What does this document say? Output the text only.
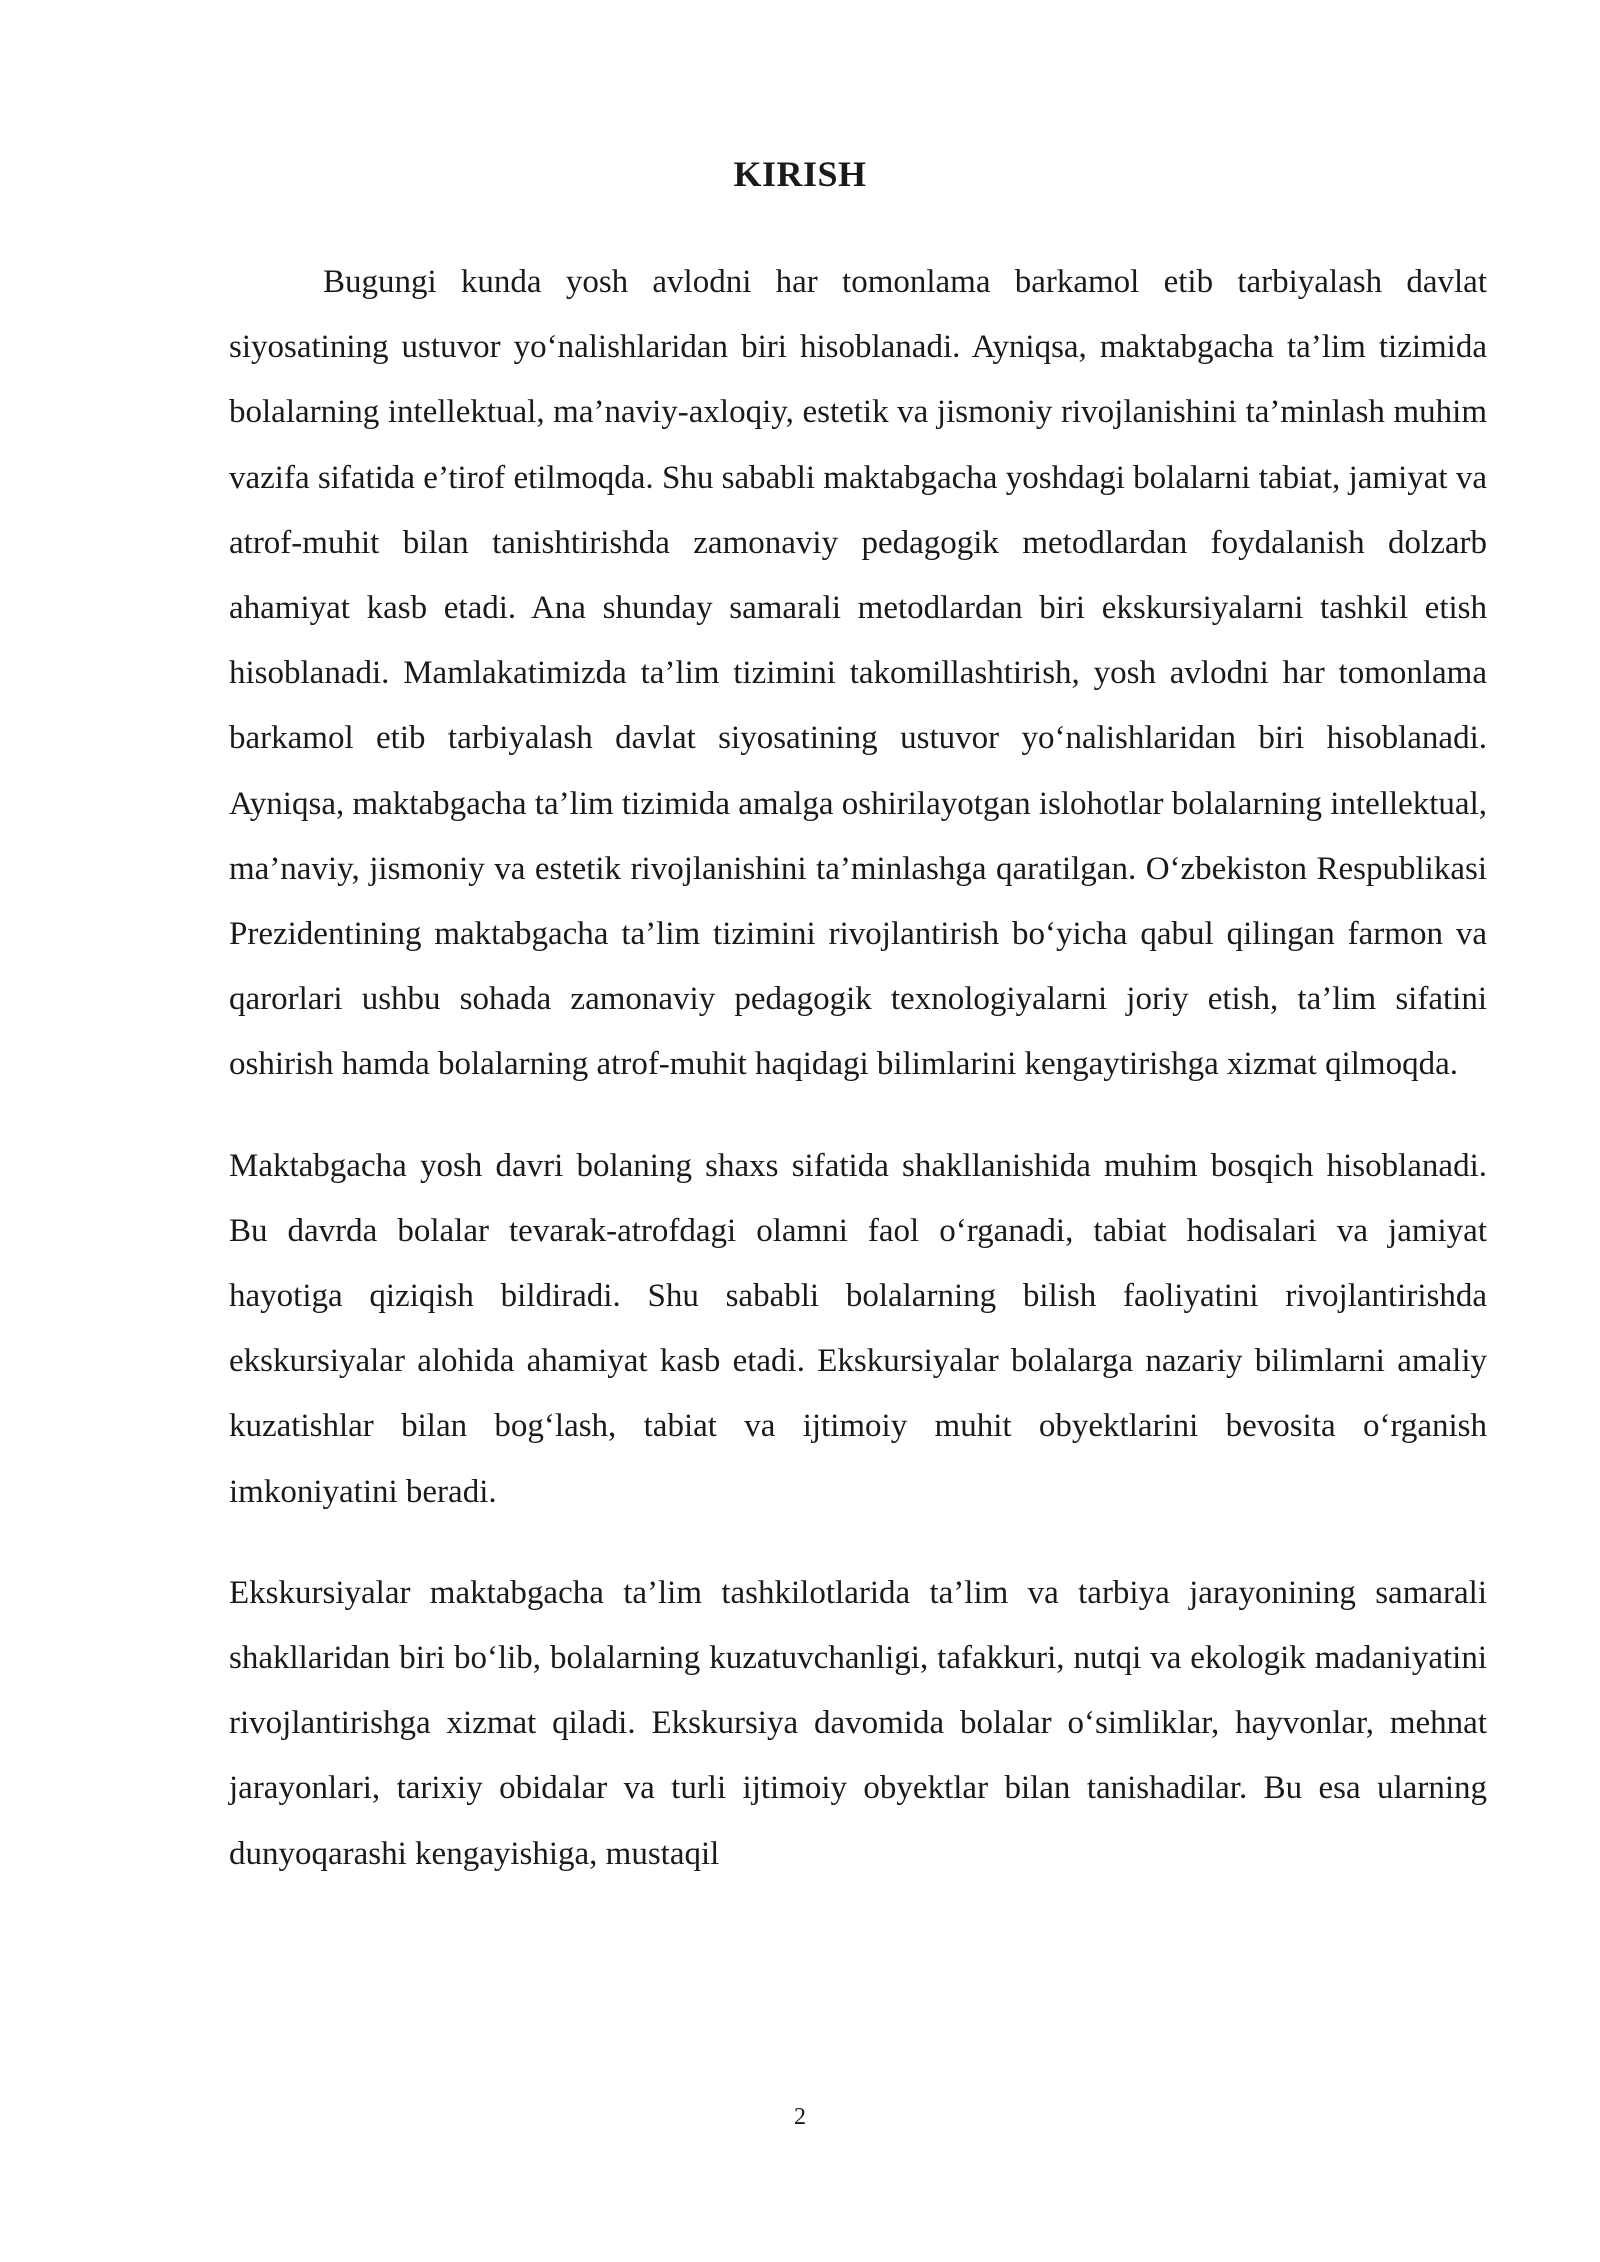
KIRISH

Bugungi kunda yosh avlodni har tomonlama barkamol etib tarbiyalash davlat siyosatining ustuvor yo‘nalishlaridan biri hisoblanadi. Ayniqsa, maktabgacha ta’lim tizimida bolalarning intellektual, ma’naviy-axloqiy, estetik va jismoniy rivojlanishini ta’minlash muhim vazifa sifatida e’tirof etilmoqda. Shu sababli maktabgacha yoshdagi bolalarni tabiat, jamiyat va atrof-muhit bilan tanishtirishda zamonaviy pedagogik metodlardan foydalanish dolzarb ahamiyat kasb etadi. Ana shunday samarali metodlardan biri ekskursiyalarni tashkil etish hisoblanadi. Mamlakatimizda ta’lim tizimini takomillashtirish, yosh avlodni har tomonlama barkamol etib tarbiyalash davlat siyosatining ustuvor yo‘nalishlaridan biri hisoblanadi. Ayniqsa, maktabgacha ta’lim tizimida amalga oshirilayotgan islohotlar bolalarning intellektual, ma’naviy, jismoniy va estetik rivojlanishini ta’minlashga qaratilgan. O‘zbekiston Respublikasi Prezidentining maktabgacha ta’lim tizimini rivojlantirish bo‘yicha qabul qilingan farmon va qarorlari ushbu sohada zamonaviy pedagogik texnologiyalarni joriy etish, ta’lim sifatini oshirish hamda bolalarning atrof-muhit haqidagi bilimlarini kengaytirishga xizmat qilmoqda.

Maktabgacha yosh davri bolaning shaxs sifatida shakllanishida muhim bosqich hisoblanadi. Bu davrda bolalar tevarak-atrofdagi olamni faol o‘rganadi, tabiat hodisalari va jamiyat hayotiga qiziqish bildiradi. Shu sababli bolalarning bilish faoliyatini rivojlantirishda ekskursiyalar alohida ahamiyat kasb etadi. Ekskursiyalar bolalarga nazariy bilimlarni amaliy kuzatishlar bilan bog‘lash, tabiat va ijtimoiy muhit obyektlarini bevosita o‘rganish imkoniyatini beradi.

Ekskursiyalar maktabgacha ta’lim tashkilotlarida ta’lim va tarbiya jarayonining samarali shakllaridan biri bo‘lib, bolalarning kuzatuvchanligi, tafakkuri, nutqi va ekologik madaniyatini rivojlantirishga xizmat qiladi. Ekskursiya davomida bolalar o‘simliklar, hayvonlar, mehnat jarayonlari, tarixiy obidalar va turli ijtimoiy obyektlar bilan tanishadilar. Bu esa ularning dunyoqarashi kengayishiga, mustaqil

2
